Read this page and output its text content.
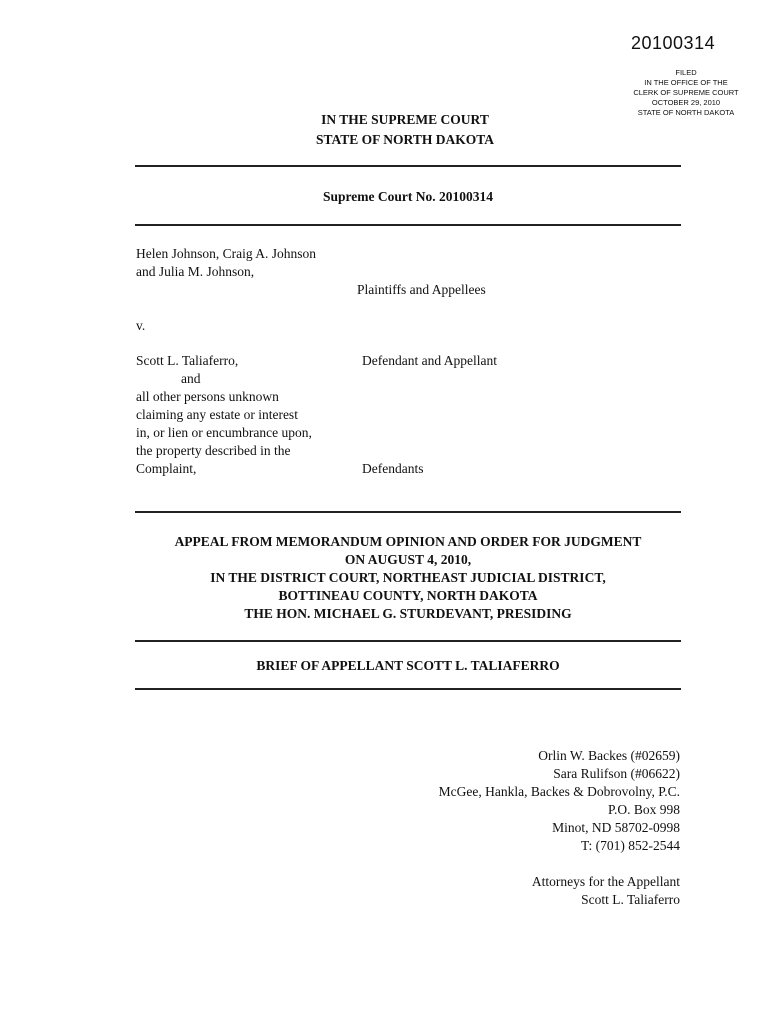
20100314
FILED
IN THE OFFICE OF THE
CLERK OF SUPREME COURT
OCTOBER 29, 2010
STATE OF NORTH DAKOTA
IN THE SUPREME COURT
STATE OF NORTH DAKOTA
Supreme Court No. 20100314
Helen Johnson, Craig A. Johnson
and Julia M. Johnson,
Plaintiffs and Appellees
v.
Scott L. Taliaferro,	Defendant and Appellant
and
all other persons unknown
claiming any estate or interest
in, or lien or encumbrance upon,
the property described in the
Complaint,	Defendants
APPEAL FROM MEMORANDUM OPINION AND ORDER FOR JUDGMENT
ON AUGUST 4, 2010,
IN THE DISTRICT COURT, NORTHEAST JUDICIAL DISTRICT,
BOTTINEAU COUNTY, NORTH DAKOTA
THE HON. MICHAEL G. STURDEVANT, PRESIDING
BRIEF OF APPELLANT SCOTT L. TALIAFERRO
Orlin W. Backes (#02659)
Sara Rulifson (#06622)
McGee, Hankla, Backes & Dobrovolny, P.C.
P.O. Box 998
Minot, ND 58702-0998
T: (701) 852-2544
Attorneys for the Appellant
Scott L. Taliaferro
